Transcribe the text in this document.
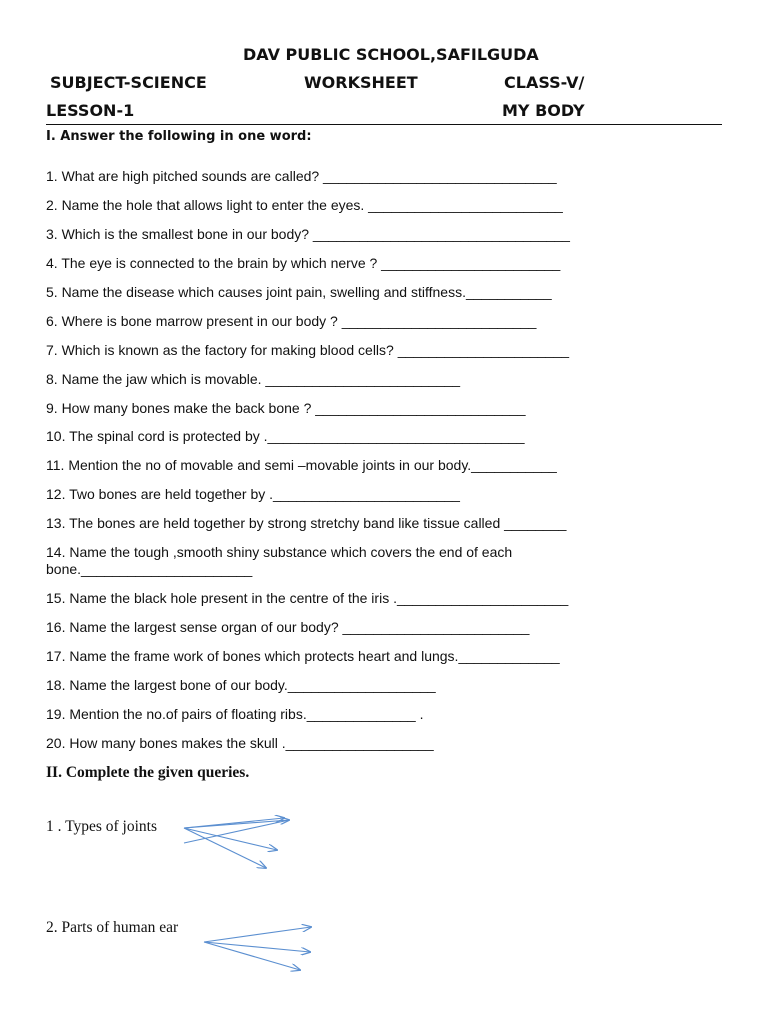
DAV PUBLIC SCHOOL,SAFILGUDA
SUBJECT-SCIENCE	WORKSHEET	CLASS-V/
LESSON-1	MY BODY
I. Answer the following in one word:
1. What are high pitched sounds are called? ______________________________
2. Name the hole that allows light to enter the eyes. _________________________
3. Which is the smallest bone in our body? _________________________________
4. The eye is connected to the brain by which nerve ? _______________________
5. Name the disease which causes joint pain, swelling and stiffness.___________
6. Where is bone marrow present in our body ? _________________________
7. Which is known as the factory for making blood cells? ______________________
8. Name the jaw which is movable. _________________________
9. How many bones make the back bone ? ___________________________
10. The spinal cord is protected by ._________________________________
11. Mention the no of movable and semi –movable joints in our body.___________
12. Two bones are held together by .________________________
13. The bones are held together by strong stretchy band like tissue called ________
14. Name the tough ,smooth shiny substance which covers the end of each bone.______________________
15. Name the black hole present in the centre of the iris .______________________
16. Name the largest sense organ of our body? ________________________
17. Name the frame work of bones which protects heart and lungs._____________
18. Name the largest bone of our body.___________________
19. Mention the no.of pairs of floating ribs.______________ .
20. How many bones makes the skull .___________________
II. Complete the given queries.
1 . Types of joints
2. Parts of human ear
